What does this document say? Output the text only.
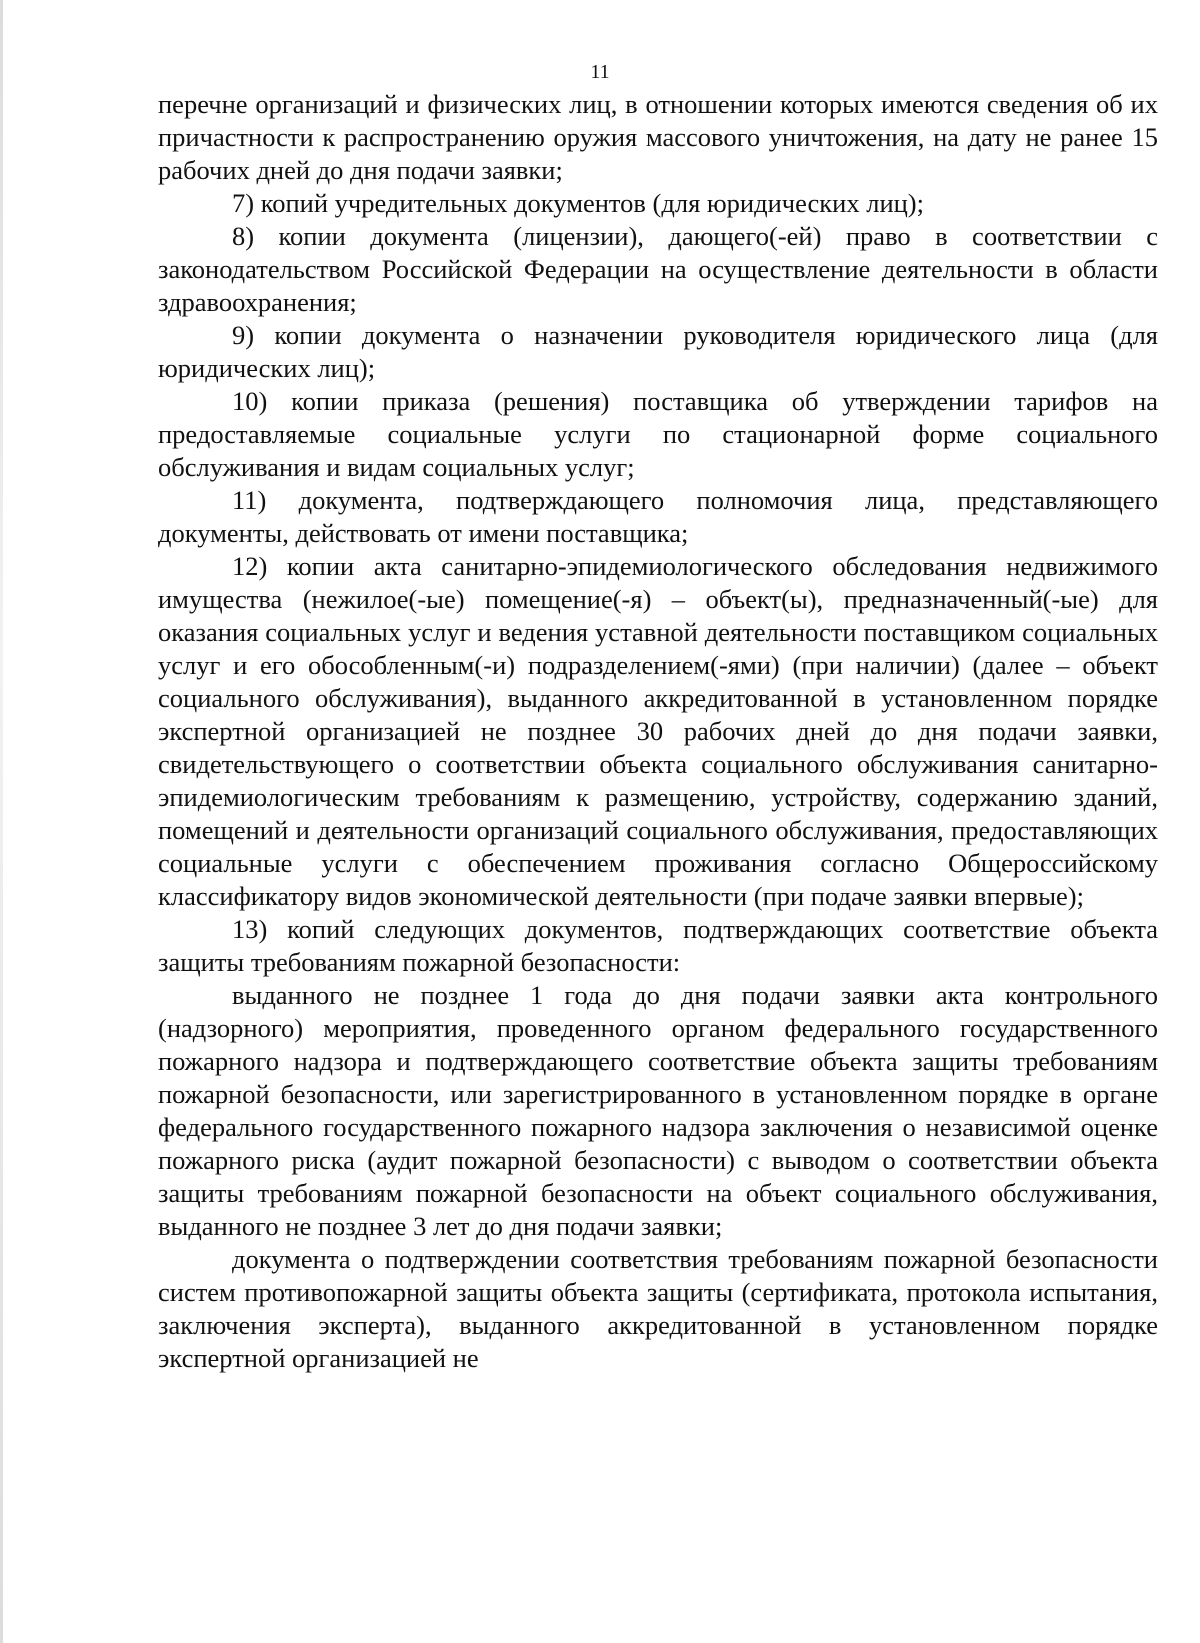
11

перечне организаций и физических лиц, в отношении которых имеются сведения об их причастности к распространению оружия массового уничтожения, на дату не ранее 15 рабочих дней до дня подачи заявки;

7) копий учредительных документов (для юридических лиц);

8) копии документа (лицензии), дающего(-ей) право в соответствии с законодательством Российской Федерации на осуществление деятельности в области здравоохранения;

9) копии документа о назначении руководителя юридического лица (для юридических лиц);

10) копии приказа (решения) поставщика об утверждении тарифов на предоставляемые социальные услуги по стационарной форме социального обслуживания и видам социальных услуг;

11) документа, подтверждающего полномочия лица, представляющего документы, действовать от имени поставщика;

12) копии акта санитарно-эпидемиологического обследования недвижимого имущества (нежилое(-ые) помещение(-я) – объект(ы), предназначенный(-ые) для оказания социальных услуг и ведения уставной деятельности поставщиком социальных услуг и его обособленным(-и) подразделением(-ями) (при наличии) (далее – объект социального обслуживания), выданного аккредитованной в установленном порядке экспертной организацией не позднее 30 рабочих дней до дня подачи заявки, свидетельствующего о соответствии объекта социального обслуживания санитарно-эпидемиологическим требованиям к размещению, устройству, содержанию зданий, помещений и деятельности организаций социального обслуживания, предоставляющих социальные услуги с обеспечением проживания согласно Общероссийскому классификатору видов экономической деятельности (при подаче заявки впервые);

13) копий следующих документов, подтверждающих соответствие объекта защиты требованиям пожарной безопасности:

выданного не позднее 1 года до дня подачи заявки акта контрольного (надзорного) мероприятия, проведенного органом федерального государственного пожарного надзора и подтверждающего соответствие объекта защиты требованиям пожарной безопасности, или зарегистрированного в установленном порядке в органе федерального государственного пожарного надзора заключения о независимой оценке пожарного риска (аудит пожарной безопасности) с выводом о соответствии объекта защиты требованиям пожарной безопасности на объект социального обслуживания, выданного не позднее 3 лет до дня подачи заявки;

документа о подтверждении соответствия требованиям пожарной безопасности систем противопожарной защиты объекта защиты (сертификата, протокола испытания, заключения эксперта), выданного аккредитованной в установленном порядке экспертной организацией не
